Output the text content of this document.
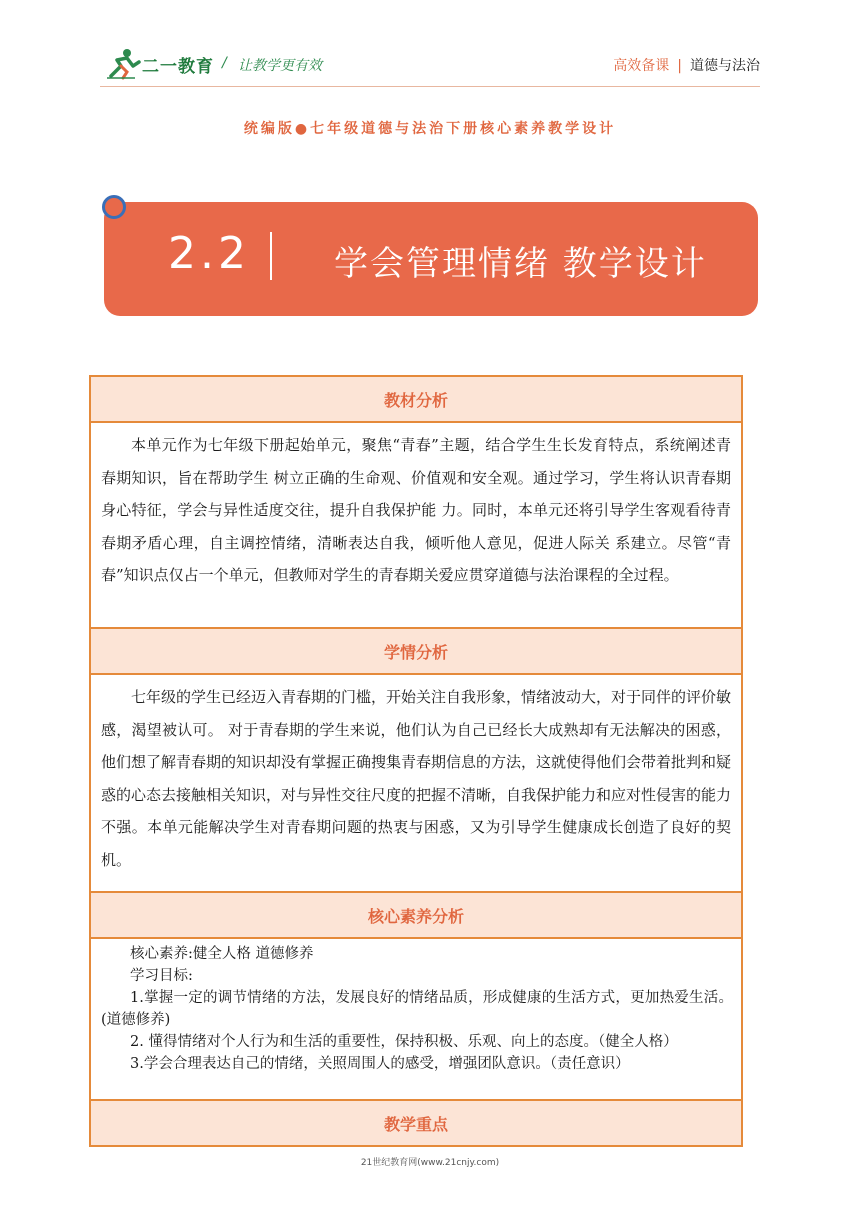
二一教育 / 让教学更有效	高效备课 | 道德与法治
统编版●七年级道德与法治下册核心素养教学设计
2.2 学会管理情绪 教学设计
教材分析

本单元作为七年级下册起始单元，聚焦“青春”主题，结合学生生长发育特点，系统阐述青春期知识，旨在帮助学生 树立正确的生命观、价值观和安全观。通过学习，学生将认识青春期身心特征，学会与异性适度交往，提升自我保护能 力。同时，本单元还将引导学生客观看待青春期矛盾心理，自主调控情绪，清晰表达自我，倾听他人意见，促进人际关 系建立。尽管“青春”知识点仅占一个单元，但教师对学生的青春期关爱应贯穿道德与法治课程的全过程。

学情分析

七年级的学生已经迈入青春期的门槛，开始关注自我形象，情绪波动大，对于同伴的评价敏感，渴望被认可。 对于青春期的学生来说，他们认为自己已经长大成熟却有无法解决的困惑，他们想了解青春期的知识却没有掌握正确搜集青春期信息的方法，这就使得他们会带着批判和疑惑的心态去接触相关知识，对与异性交往尺度的把握不清晰，自我保护能力和应对性侵害的能力不强。本单元能解决学生对青春期问题的热衷与困惑，又为引导学生健康成长创造了良好的契机。

核心素养分析

核心素养:健全人格 道德修养

学习目标:

1.掌握一定的调节情绪的方法，发展良好的情绪品质，形成健康的生活方式，更加热爱生活。(道德修养)

2. 懂得情绪对个人行为和生活的重要性，保持积极、乐观、向上的态度。（健全人格）

3.学会合理表达自己的情绪，关照周围人的感受，增强团队意识。（责任意识）

教学重点
21世纪教育网(www.21cnjy.com)
